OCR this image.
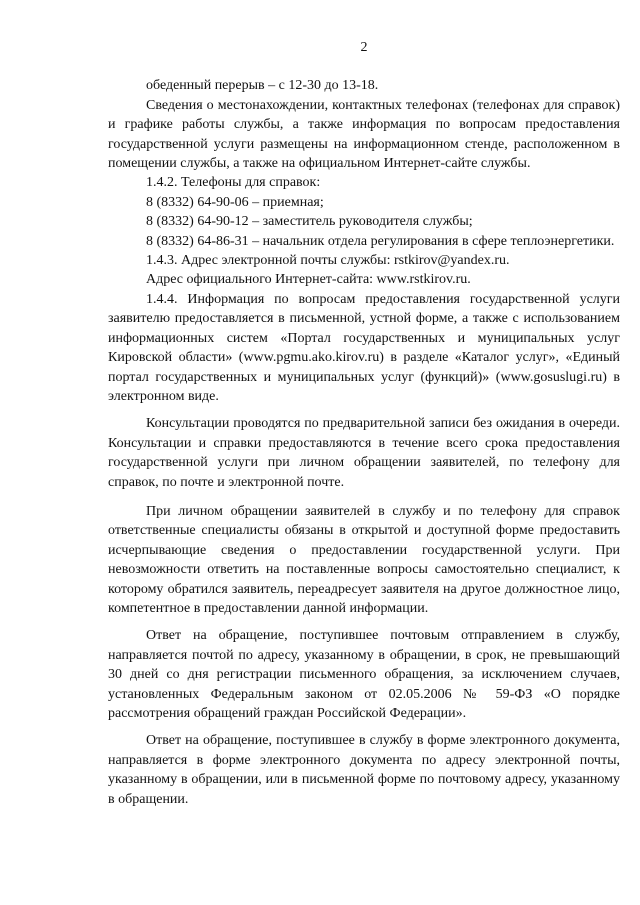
2

обеденный перерыв – с 12-30 до 13-18.

Сведения о местонахождении, контактных телефонах (телефонах для справок) и графике работы службы, а также информация по вопросам предоставления государственной услуги размещены на информационном стенде, расположенном в помещении службы, а также на официальном Интернет-сайте службы.

1.4.2. Телефоны для справок:

8 (8332) 64-90-06 – приемная;

8 (8332) 64-90-12 – заместитель руководителя службы;

8 (8332) 64-86-31 – начальник отдела регулирования в сфере теплоэнергетики.

1.4.3. Адрес электронной почты службы: rstkirov@yandex.ru.

Адрес официального Интернет-сайта: www.rstkirov.ru.

1.4.4. Информация по вопросам предоставления государственной услуги заявителю предоставляется в письменной, устной форме, а также с использованием информационных систем «Портал государственных и муниципальных услуг Кировской области» (www.pgmu.ako.kirov.ru) в разделе «Каталог услуг», «Единый портал государственных и муниципальных услуг (функций)» (www.gosuslugi.ru) в электронном виде.

Консультации проводятся по предварительной записи без ожидания в очереди. Консультации и справки предоставляются в течение всего срока предоставления государственной услуги при личном обращении заявителей, по телефону для справок, по почте и электронной почте.

При личном обращении заявителей в службу и по телефону для справок ответственные специалисты обязаны в открытой и доступной форме предоставить исчерпывающие сведения о предоставлении государственной услуги. При невозможности ответить на поставленные вопросы самостоятельно специалист, к которому обратился заявитель, переадресует заявителя на другое должностное лицо, компетентное в предоставлении данной информации.

Ответ на обращение, поступившее почтовым отправлением в службу, направляется почтой по адресу, указанному в обращении, в срок, не превышающий 30 дней со дня регистрации письменного обращения, за исключением случаев, установленных Федеральным законом от 02.05.2006 № 59-ФЗ «О порядке рассмотрения обращений граждан Российской Федерации».

Ответ на обращение, поступившее в службу в форме электронного документа, направляется в форме электронного документа по адресу электронной почты, указанному в обращении, или в письменной форме по почтовому адресу, указанному в обращении.
